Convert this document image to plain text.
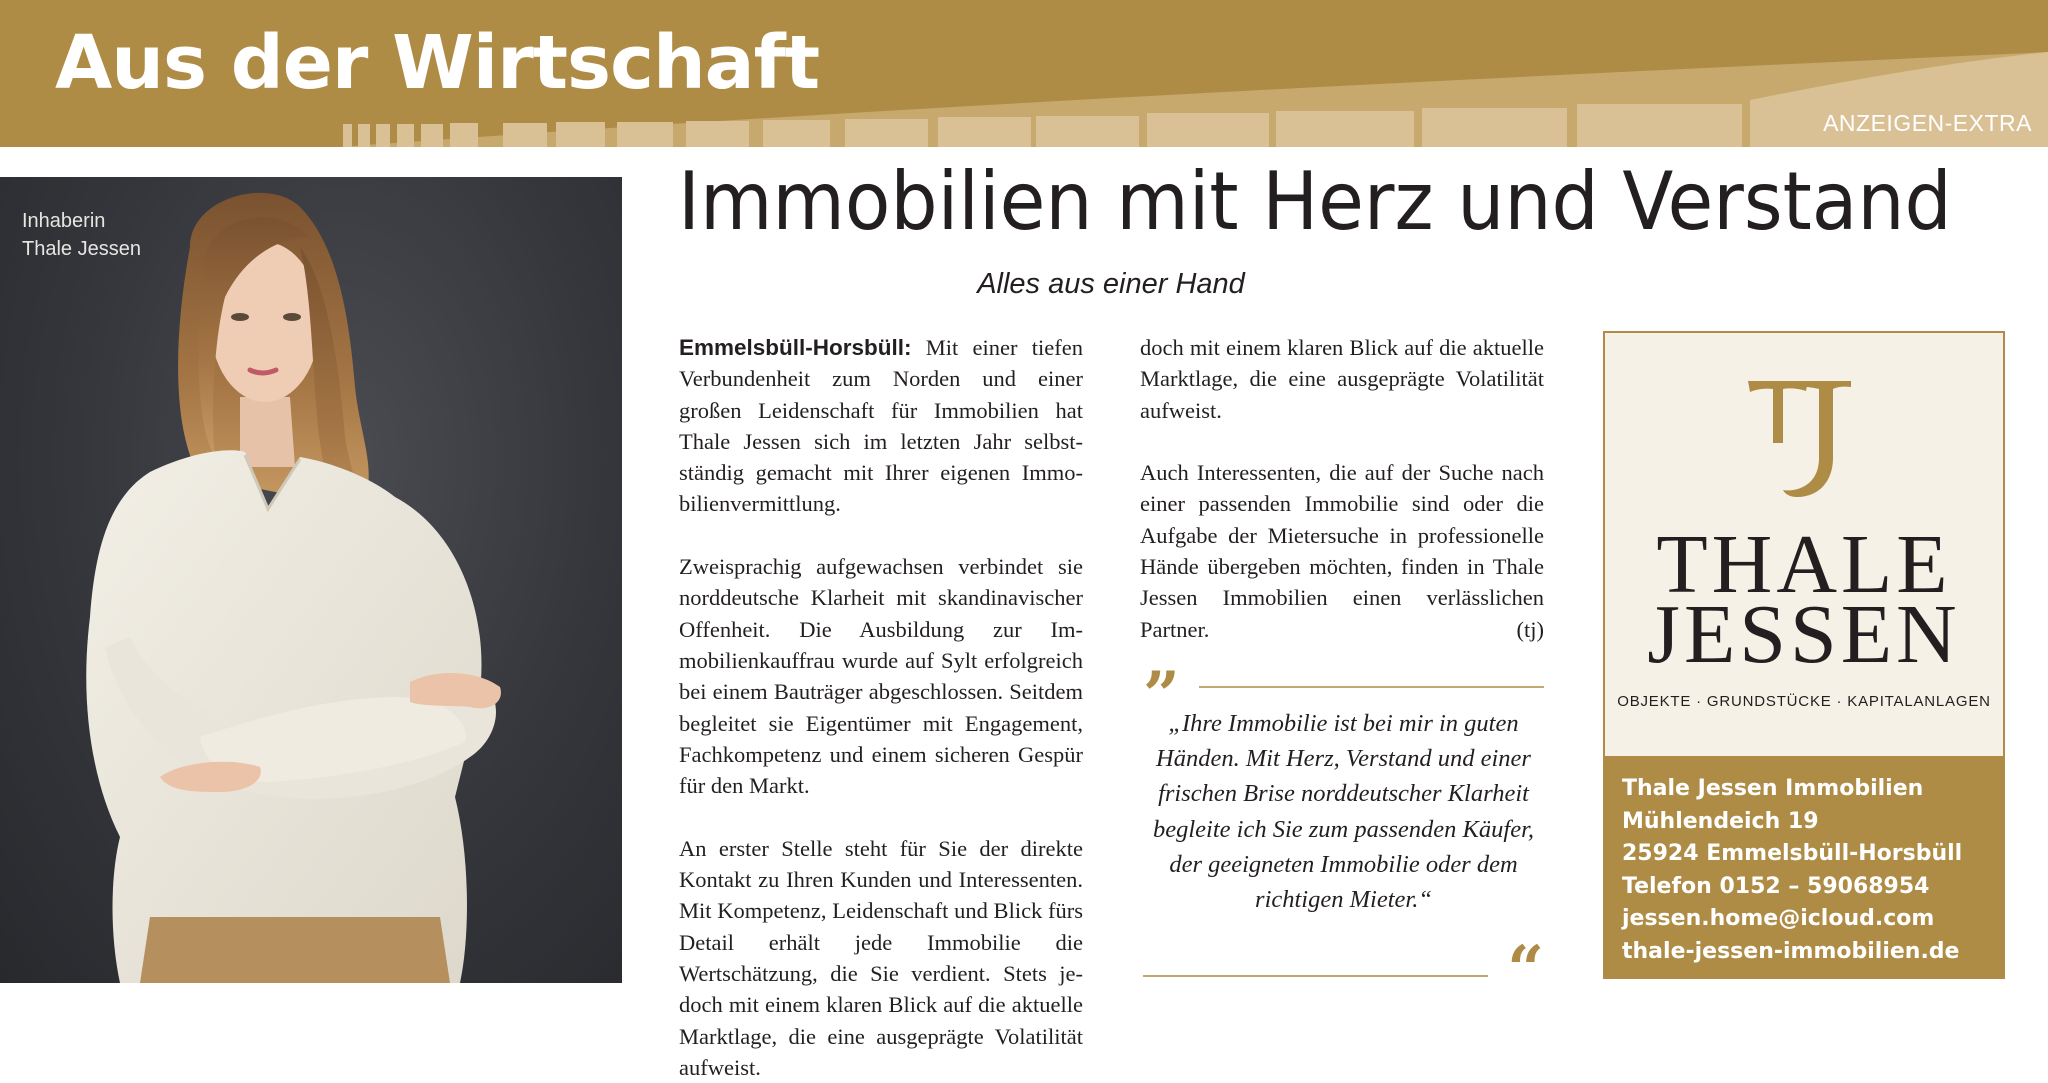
Aus der Wirtschaft
ANZEIGEN-EXTRA
Inhaberin
Thale Jessen
Immobilien mit Herz und Verstand
Alles aus einer Hand

Emmelsbüll-Horsbüll: Mit einer tiefen Verbundenheit zum Norden und einer großen Leidenschaft für Immobilien hat Thale Jessen sich im letzten Jahr selbstständig gemacht mit Ihrer eigenen Immobilienvermittlung.

Zweisprachig aufgewachsen verbindet sie norddeutsche Klarheit mit skandinavischer Offenheit. Die Ausbildung zur Immobilienkauffrau wurde auf Sylt erfolgreich bei einem Bauträger abgeschlossen. Seitdem begleitet sie Eigentümer mit Engagement, Fachkompetenz und einem sicheren Gespür für den Markt.

An erster Stelle steht für Sie der direkte Kontakt zu Ihren Kunden und Interessenten. Mit Kompetenz, Leidenschaft und Blick fürs Detail erhält jede Immobilie die Wertschätzung, die Sie verdient. Stets jedoch mit einem klaren Blick auf die aktuelle Marktlage, die eine ausgeprägte Volatilität aufweist.

doch mit einem klaren Blick auf die aktuelle Marktlage, die eine ausgeprägte Volatilität aufweist.

Auch Interessenten, die auf der Suche nach einer passenden Immobilie sind oder die Aufgabe der Mietersuche in professionelle Hände übergeben möchten, finden in Thale Jessen Immobilien einen verlässlichen Partner.	(tj)

”
„Ihre Immobilie ist bei mir in guten Händen. Mit Herz, Verstand und einer frischen Brise norddeutscher Klarheit begleite ich Sie zum passenden Käufer, der geeigneten Immobilie oder dem richtigen Mieter.“
“
THALE
JESSEN
OBJEKTE · GRUNDSTÜCKE · KAPITALANLAGEN
Thale Jessen Immobilien
Mühlendeich 19
25924 Emmelsbüll-Horsbüll
Telefon 0152 – 59068954
jessen.home@icloud.com
thale-jessen-immobilien.de
